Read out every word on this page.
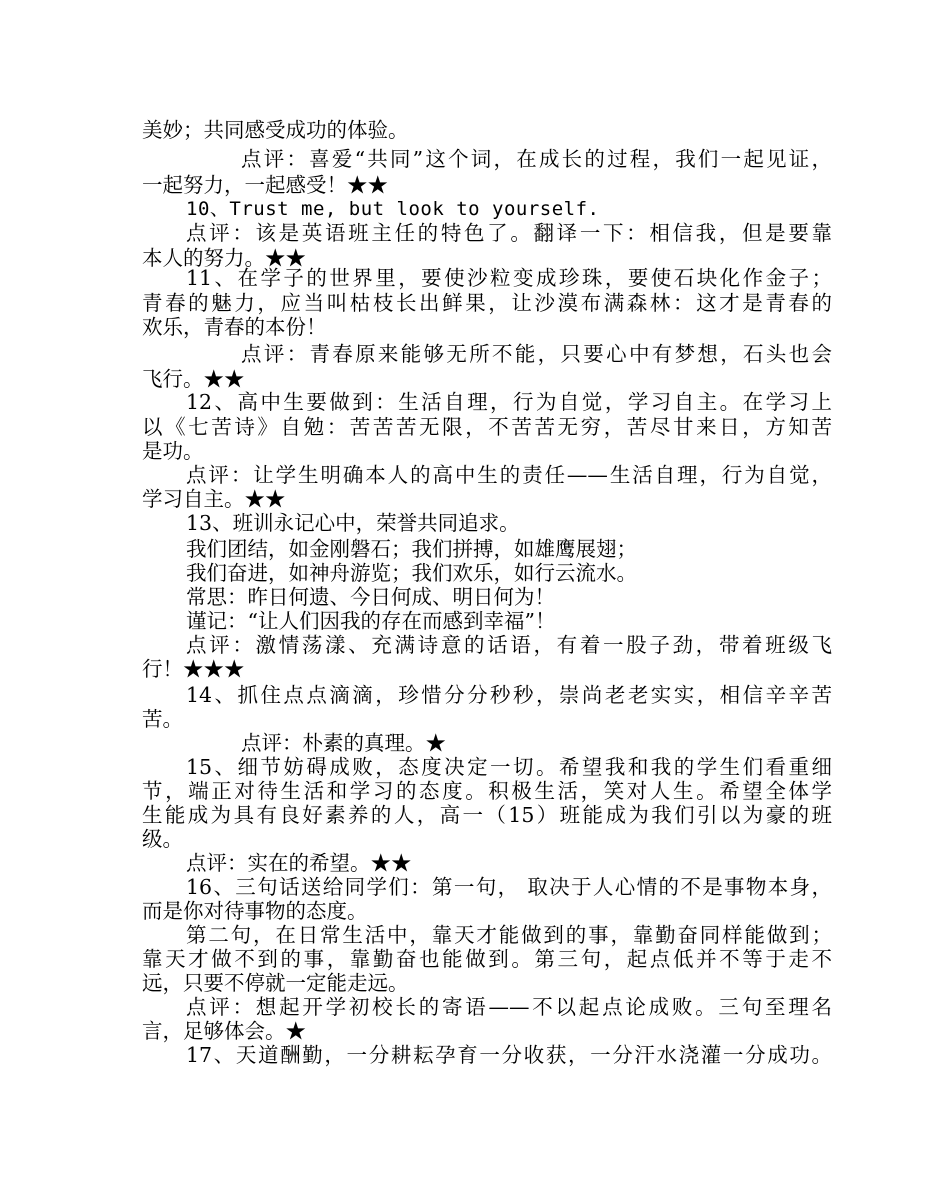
美妙；共同感受成功的体验。
点评：喜爱“共同”这个词，在成长的过程，我们一起见证，
一起努力，一起感受！★★
10、Trust me, but look to yourself.
点评：该是英语班主任的特色了。翻译一下：相信我，但是要靠
本人的努力。★★
11、在学子的世界里，要使沙粒变成珍珠，要使石块化作金子；
青春的魅力，应当叫枯枝长出鲜果，让沙漠布满森林：这才是青春的
欢乐，青春的本份！
点评：青春原来能够无所不能，只要心中有梦想，石头也会
飞行。★★
12、高中生要做到：生活自理，行为自觉，学习自主。在学习上
以《七苦诗》自勉：苦苦苦无限，不苦苦无穷，苦尽甘来日，方知苦
是功。
点评：让学生明确本人的高中生的责任——生活自理，行为自觉，
学习自主。★★
13、班训永记心中，荣誉共同追求。
我们团结，如金刚磐石；我们拼搏，如雄鹰展翅；
我们奋进，如神舟游览；我们欢乐，如行云流水。
常思：昨日何遗、今日何成、明日何为！
谨记：“让人们因我的存在而感到幸福”！
点评：激情荡漾、充满诗意的话语，有着一股子劲，带着班级飞
行！★★★
14、抓住点点滴滴，珍惜分分秒秒，崇尚老老实实，相信辛辛苦
苦。
点评：朴素的真理。★
15、细节妨碍成败，态度决定一切。希望我和我的学生们看重细
节，端正对待生活和学习的态度。积极生活，笑对人生。希望全体学
生能成为具有良好素养的人，高一（15）班能成为我们引以为豪的班
级。
点评：实在的希望。★★
16、三句话送给同学们：第一句， 取决于人心情的不是事物本身，
而是你对待事物的态度。
第二句，在日常生活中，靠天才能做到的事，靠勤奋同样能做到；
靠天才做不到的事，靠勤奋也能做到。第三句，起点低并不等于走不
远，只要不停就一定能走远。
点评：想起开学初校长的寄语——不以起点论成败。三句至理名
言，足够体会。★
17、天道酬勤，一分耕耘孕育一分收获，一分汗水浇灌一分成功。
